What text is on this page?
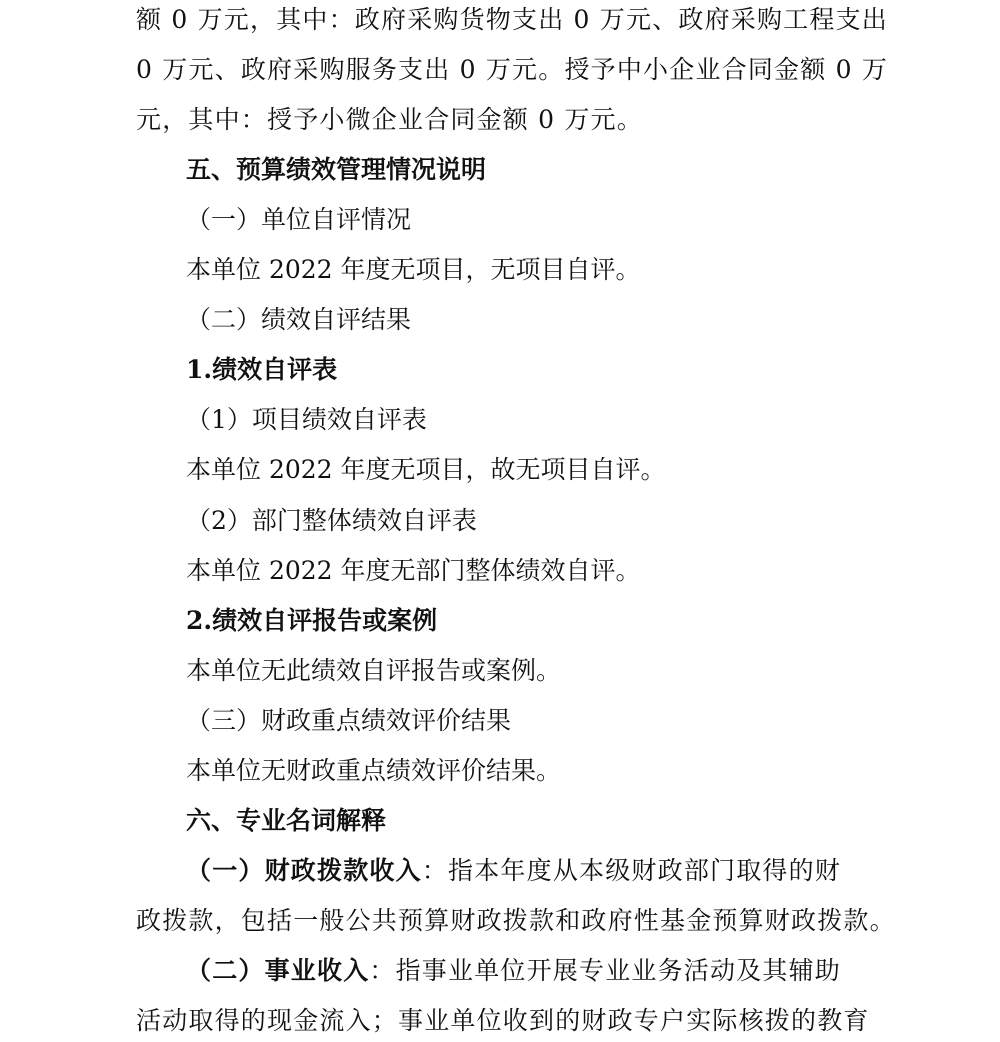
额 0 万元，其中：政府采购货物支出 0 万元、政府采购工程支出
0 万元、政府采购服务支出 0 万元。授予中小企业合同金额 0 万
元，其中：授予小微企业合同金额 0 万元。
五、预算绩效管理情况说明
（一）单位自评情况
本单位 2022 年度无项目，无项目自评。
（二）绩效自评结果
1.绩效自评表
（1）项目绩效自评表
本单位 2022 年度无项目，故无项目自评。
（2）部门整体绩效自评表
本单位 2022 年度无部门整体绩效自评。
2.绩效自评报告或案例
本单位无此绩效自评报告或案例。
（三）财政重点绩效评价结果
本单位无财政重点绩效评价结果。
六、专业名词解释
（一）财政拨款收入：指本年度从本级财政部门取得的财
政拨款，包括一般公共预算财政拨款和政府性基金预算财政拨款。
（二）事业收入：指事业单位开展专业业务活动及其辅助
活动取得的现金流入；事业单位收到的财政专户实际核拨的教育
